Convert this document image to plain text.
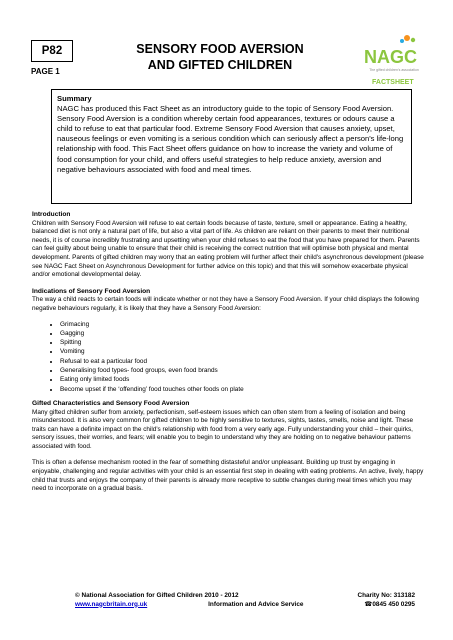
P82
PAGE 1
SENSORY FOOD AVERSION
AND GIFTED CHILDREN	NAGC
The gifted children's association
FACTSHEET
Summary
NAGC has produced this Fact Sheet as an introductory guide to the topic of Sensory Food Aversion. Sensory Food Aversion is a condition whereby certain food appearances, textures or odours cause a child to refuse to eat that particular food. Extreme Sensory Food Aversion that causes anxiety, upset, nauseous feelings or even vomiting is a serious condition which can seriously affect a person's life-long relationship with food. This Fact Sheet offers guidance on how to increase the variety and volume of food consumption for your child, and offers useful strategies to help reduce anxiety, aversion and negative behaviours associated with food and meal times.
Introduction

Children with Sensory Food Aversion will refuse to eat certain foods because of taste, texture, smell or appearance. Eating a healthy, balanced diet is not only a natural part of life, but also a vital part of life. As children are reliant on their parents to meet their nutritional needs, it is of course incredibly frustrating and upsetting when your child refuses to eat the food that you have prepared for them. Parents can feel guilty about being unable to ensure that their child is receiving the correct nutrition that will optimise both physical and mental development. Parents of gifted children may worry that an eating problem will further affect their child's asynchronous development (please see NAGC Fact Sheet on Asynchronous Development for further advice on this topic) and that this will somehow exacerbate physical and/or emotional developmental delay.

Indications of Sensory Food Aversion

The way a child reacts to certain foods will indicate whether or not they have a Sensory Food Aversion. If your child displays the following negative behaviours regularly, it is likely that they have a Sensory Food Aversion:

• Grimacing
• Gagging
• Spitting
• Vomiting
• Refusal to eat a particular food
• Generalising food types- food groups, even food brands
• Eating only limited foods
• Become upset if the ‘offending’ food touches other foods on plate
Gifted Characteristics and Sensory Food Aversion

Many gifted children suffer from anxiety, perfectionism, self-esteem issues which can often stem from a feeling of isolation and being misunderstood. It is also very common for gifted children to be highly sensitive to textures, sights, tastes, smells, noise and light. These traits can have a definite impact on the child's relationship with food from a very early age. Fully understanding your child – their quirks, sensory issues, their worries, and fears; will enable you to begin to understand why they are holding on to negative behaviour patterns associated with food.

This is often a defense mechanism rooted in the fear of something distasteful and/or unpleasant. Building up trust by engaging in enjoyable, challenging and regular activities with your child is an essential first step in dealing with eating problems. An active, lively, happy child that trusts and enjoys the company of their parents is already more receptive to subtle changes during meal times which you may need to incorporate on a gradual basis.

© National Association for Gifted Children 2010 - 2012	Charity No: 313182
www.nagcbritain.org.uk	Information and Advice Service	☎0845 450 0295
